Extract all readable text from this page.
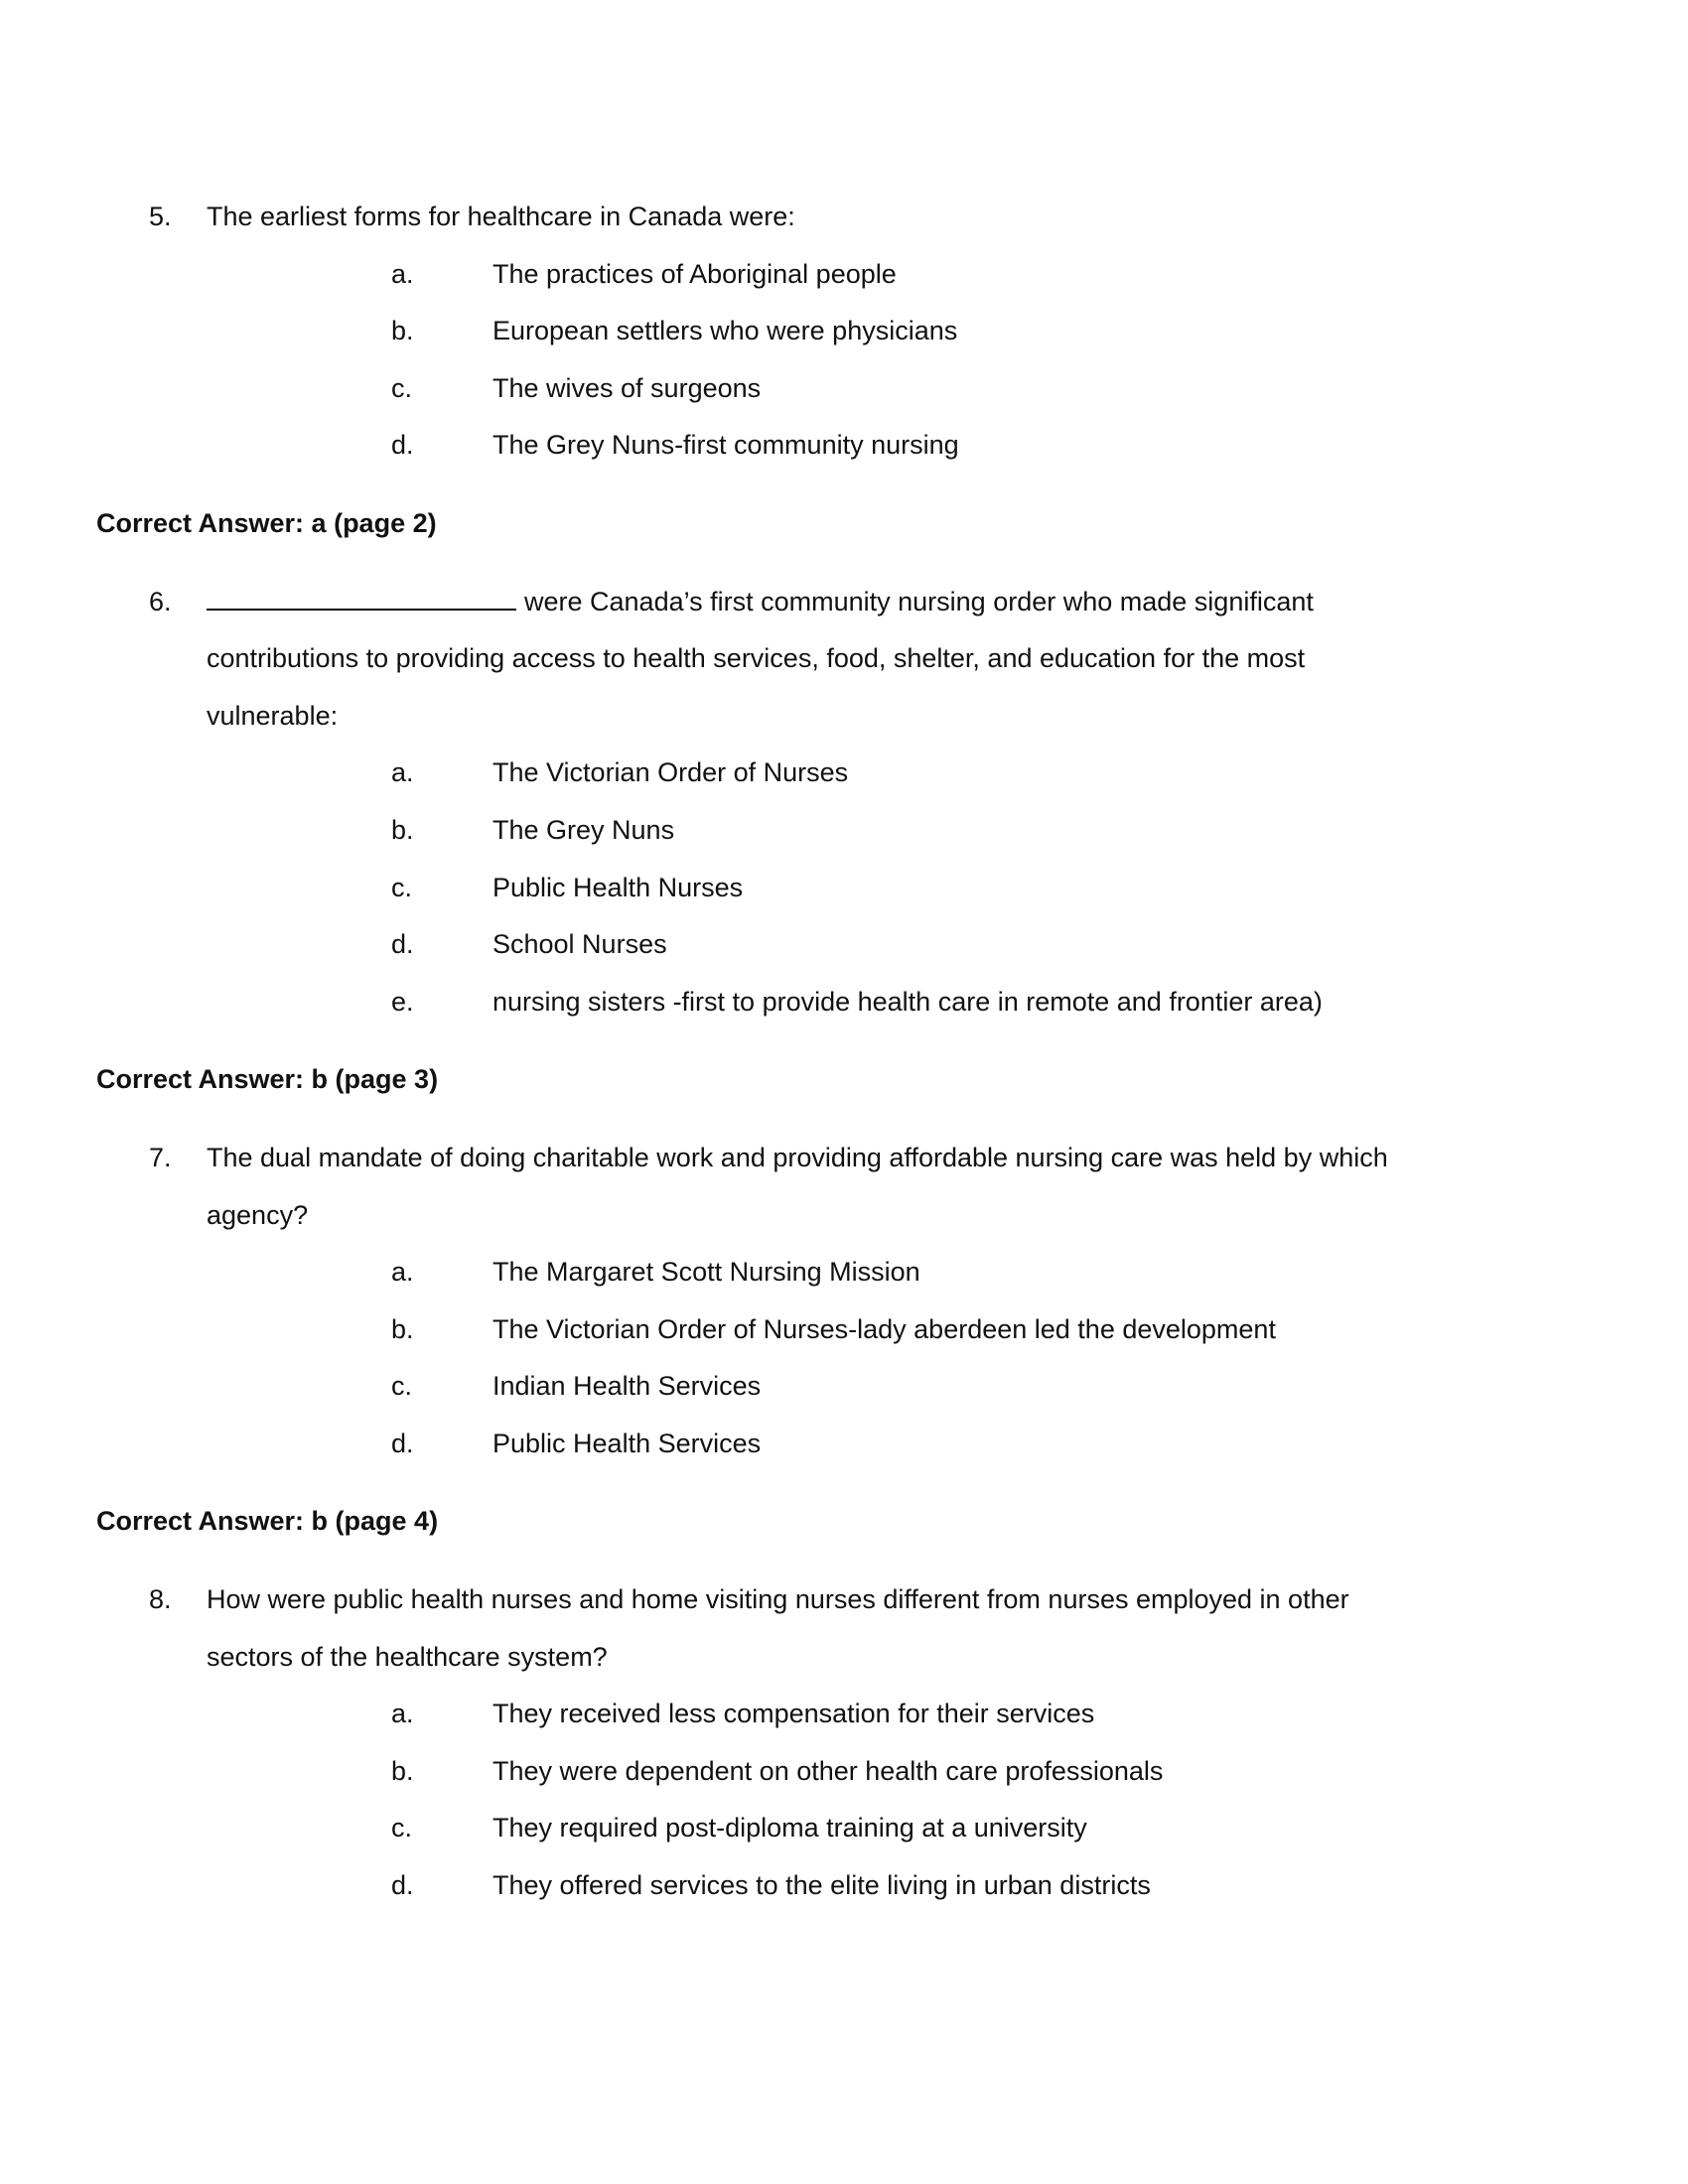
5. The earliest forms for healthcare in Canada were:
a.	The practices of Aboriginal people
b.	European settlers who were physicians
c.	The wives of surgeons
d.	The Grey Nuns-first community nursing
Correct Answer: a (page 2)
6.	were Canada’s first community nursing order who made significant
contributions to providing access to health services, food, shelter, and education for the most
vulnerable:
a.	The Victorian Order of Nurses
b.	The Grey Nuns
c.	Public Health Nurses
d.	School Nurses
e.	nursing sisters -first to provide health care in remote and frontier area)
Correct Answer: b (page 3)
7. The dual mandate of doing charitable work and providing affordable nursing care was held by which
agency?
a.	The Margaret Scott Nursing Mission
b.	The Victorian Order of Nurses-lady aberdeen led the development
c.	Indian Health Services
d.	Public Health Services
Correct Answer: b (page 4)
8. How were public health nurses and home visiting nurses different from nurses employed in other
sectors of the healthcare system?
a.	They received less compensation for their services
b.	They were dependent on other health care professionals
c.	They required post-diploma training at a university
d.	They offered services to the elite living in urban districts
